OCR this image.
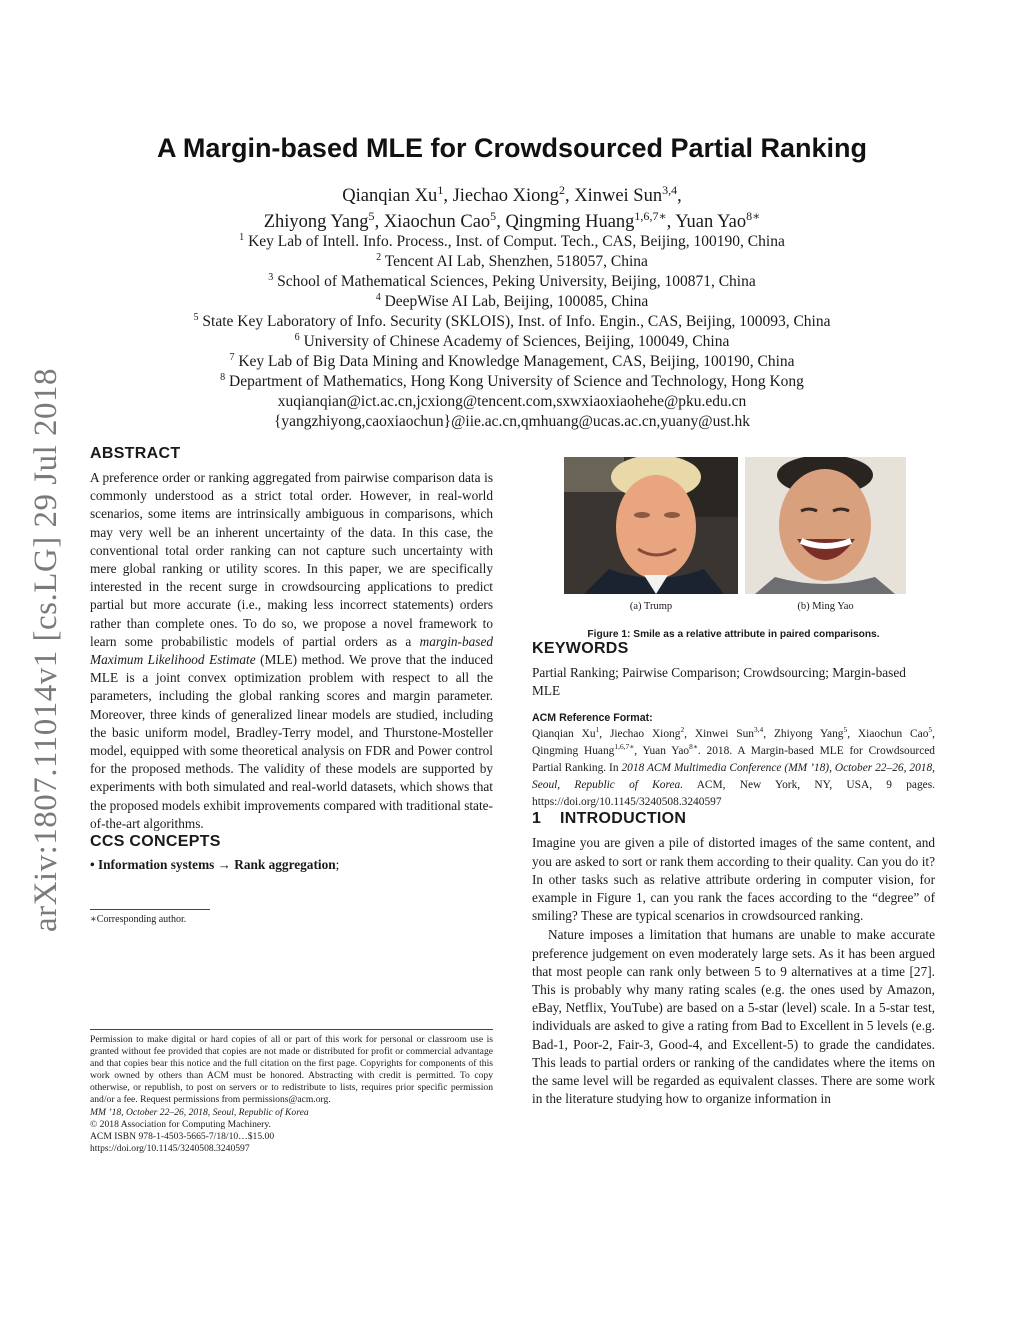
arXiv:1807.11014v1 [cs.LG] 29 Jul 2018
A Margin-based MLE for Crowdsourced Partial Ranking
Qianqian Xu$^1$, Jiechao Xiong$^2$, Xinwei Sun$^{3,4}$,
Zhiyong Yang$^5$, Xiaochun Cao$^5$, Qingming Huang$^{1,6,7∗}$, Yuan Yao$^{8∗}$
$^1$ Key Lab of Intell. Info. Process., Inst. of Comput. Tech., CAS, Beijing, 100190, China
$^2$ Tencent AI Lab, Shenzhen, 518057, China
$^3$ School of Mathematical Sciences, Peking University, Beijing, 100871, China
$^4$ DeepWise AI Lab, Beijing, 100085, China
$^5$ State Key Laboratory of Info. Security (SKLOIS), Inst. of Info. Engin., CAS, Beijing, 100093, China
$^6$ University of Chinese Academy of Sciences, Beijing, 100049, China
$^7$ Key Lab of Big Data Mining and Knowledge Management, CAS, Beijing, 100190, China
$^8$ Department of Mathematics, Hong Kong University of Science and Technology, Hong Kong
xuqianqian@ict.ac.cn,jcxiong@tencent.com,sxwxiaoxiaohehe@pku.edu.cn
{yangzhiyong,caoxiaochun}@iie.ac.cn,qmhuang@ucas.ac.cn,yuany@ust.hk
ABSTRACT

A preference order or ranking aggregated from pairwise comparison data is commonly understood as a strict total order. However, in real-world scenarios, some items are intrinsically ambiguous in comparisons, which may very well be an inherent uncertainty of the data. In this case, the conventional total order ranking can not capture such uncertainty with mere global ranking or utility scores. In this paper, we are specifically interested in the recent surge in crowdsourcing applications to predict partial but more accurate (i.e., making less incorrect statements) orders rather than complete ones. To do so, we propose a novel framework to learn some probabilistic models of partial orders as a margin-based Maximum Likelihood Estimate (MLE) method. We prove that the induced MLE is a joint convex optimization problem with respect to all the parameters, including the global ranking scores and margin parameter. Moreover, three kinds of generalized linear models are studied, including the basic uniform model, Bradley-Terry model, and Thurstone-Mosteller model, equipped with some theoretical analysis on FDR and Power control for the proposed methods. The validity of these models are supported by experiments with both simulated and real-world datasets, which shows that the proposed models exhibit improvements compared with traditional state-of-the-art algorithms.

CCS CONCEPTS
• Information systems → Rank aggregation;
∗Corresponding author.

Permission to make digital or hard copies of all or part of this work for personal or classroom use is granted without fee provided that copies are not made or distributed for profit or commercial advantage and that copies bear this notice and the full citation on the first page. Copyrights for components of this work owned by others than ACM must be honored. Abstracting with credit is permitted. To copy otherwise, or republish, to post on servers or to redistribute to lists, requires prior specific permission and/or a fee. Request permissions from permissions@acm.org.

MM ’18, October 22–26, 2018, Seoul, Republic of Korea
© 2018 Association for Computing Machinery.
ACM ISBN 978-1-4503-5665-7/18/10…$15.00
https://doi.org/10.1145/3240508.3240597
(a) Trump	(b) Ming Yao
Figure 1: Smile as a relative attribute in paired comparisons.
KEYWORDS

Partial Ranking; Pairwise Comparison; Crowdsourcing; Margin-based MLE

ACM Reference Format:

Qianqian Xu$^1$, Jiechao Xiong$^2$, Xinwei Sun$^{3,4}$, Zhiyong Yang$^5$, Xiaochun Cao$^5$, Qingming Huang$^{1,6,7∗}$, Yuan Yao$^{8∗}$. 2018. A Margin-based MLE for Crowdsourced Partial Ranking. In 2018 ACM Multimedia Conference (MM ’18), October 22–26, 2018, Seoul, Republic of Korea. ACM, New York, NY, USA, 9 pages. https://doi.org/10.1145/3240508.3240597

1 INTRODUCTION

Imagine you are given a pile of distorted images of the same content, and you are asked to sort or rank them according to their quality. Can you do it? In other tasks such as relative attribute ordering in computer vision, for example in Figure 1, can you rank the faces according to the “degree” of smiling? These are typical scenarios in crowdsourced ranking.

Nature imposes a limitation that humans are unable to make accurate preference judgement on even moderately large sets. As it has been argued that most people can rank only between 5 to 9 alternatives at a time [27]. This is probably why many rating scales (e.g. the ones used by Amazon, eBay, Netflix, YouTube) are based on a 5-star (level) scale. In a 5-star test, individuals are asked to give a rating from Bad to Excellent in 5 levels (e.g. Bad-1, Poor-2, Fair-3, Good-4, and Excellent-5) to grade the candidates. This leads to partial orders or ranking of the candidates where the items on the same level will be regarded as equivalent classes. There are some work in the literature studying how to organize information in
